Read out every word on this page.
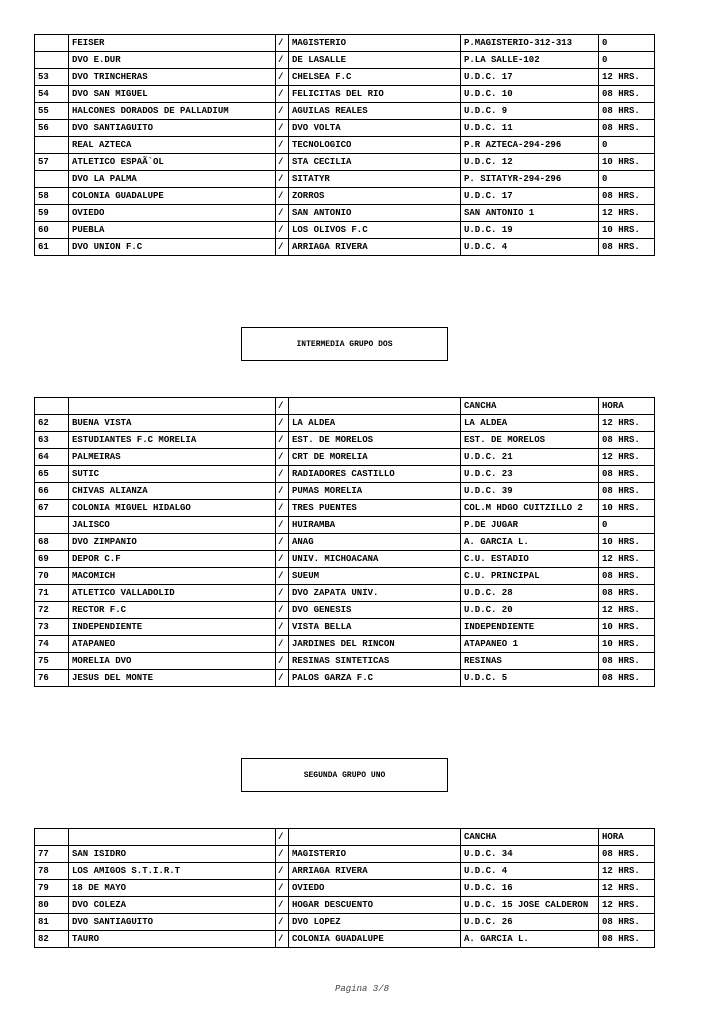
	FEISER	/	MAGISTERIO	P.MAGISTERIO-312-313	0
	DVO E.DUR	/	DE LASALLE	P.LA SALLE-102	0
53	DVO TRINCHERAS	/	CHELSEA F.C	U.D.C. 17	12 HRS.
54	DVO SAN MIGUEL	/	FELICITAS DEL RIO	U.D.C. 10	08 HRS.
55	HALCONES DORADOS DE PALLADIUM	/	AGUILAS REALES	U.D.C. 9	08 HRS.
56	DVO SANTIAGUITO	/	DVO VOLTA	U.D.C. 11	08 HRS.
	REAL AZTECA	/	TECNOLOGICO	P.R AZTECA-294-296	0
57	ATLETICO ESPAÃ`OL	/	STA CECILIA	U.D.C. 12	10 HRS.
	DVO LA PALMA	/	SITATYR	P. SITATYR-294-296	0
58	COLONIA GUADALUPE	/	ZORROS	U.D.C. 17	08 HRS.
59	OVIEDO	/	SAN ANTONIO	SAN ANTONIO 1	12 HRS.
60	PUEBLA	/	LOS OLIVOS F.C	U.D.C. 19	10 HRS.
61	DVO UNION F.C	/	ARRIAGA RIVERA	U.D.C. 4	08 HRS.
INTERMEDIA GRUPO DOS
		/		CANCHA	HORA
62	BUENA VISTA	/	LA ALDEA	LA ALDEA	12 HRS.
63	ESTUDIANTES F.C MORELIA	/	EST. DE MORELOS	EST. DE MORELOS	08 HRS.
64	PALMEIRAS	/	CRT DE MORELIA	U.D.C. 21	12 HRS.
65	SUTIC	/	RADIADORES CASTILLO	U.D.C. 23	08 HRS.
66	CHIVAS ALIANZA	/	PUMAS MORELIA	U.D.C. 39	08 HRS.
67	COLONIA MIGUEL HIDALGO	/	TRES PUENTES	COL.M HDGO CUITZILLO 2	10 HRS.
	JALISCO	/	HUIRAMBA	P.DE JUGAR	0
68	DVO ZIMPANIO	/	ANAG	A. GARCIA L.	10 HRS.
69	DEPOR C.F	/	UNIV. MICHOACANA	C.U. ESTADIO	12 HRS.
70	MACOMICH	/	SUEUM	C.U. PRINCIPAL	08 HRS.
71	ATLETICO VALLADOLID	/	DVO ZAPATA UNIV.	U.D.C. 28	08 HRS.
72	RECTOR F.C	/	DVO GENESIS	U.D.C. 20	12 HRS.
73	INDEPENDIENTE	/	VISTA BELLA	INDEPENDIENTE	10 HRS.
74	ATAPANEO	/	JARDINES DEL RINCON	ATAPANEO 1	10 HRS.
75	MORELIA DVO	/	RESINAS SINTETICAS	RESINAS	08 HRS.
76	JESUS DEL MONTE	/	PALOS GARZA F.C	U.D.C. 5	08 HRS.
SEGUNDA GRUPO UNO
		/		CANCHA	HORA
77	SAN ISIDRO	/	MAGISTERIO	U.D.C. 34	08 HRS.
78	LOS AMIGOS S.T.I.R.T	/	ARRIAGA RIVERA	U.D.C. 4	12 HRS.
79	18 DE MAYO	/	OVIEDO	U.D.C. 16	12 HRS.
80	DVO COLEZA	/	HOGAR DESCUENTO	U.D.C. 15 JOSE CALDERON	12 HRS.
81	DVO SANTIAGUITO	/	DVO LOPEZ	U.D.C. 26	08 HRS.
82	TAURO	/	COLONIA GUADALUPE	A. GARCIA L.	08 HRS.
Pagina 3/8
